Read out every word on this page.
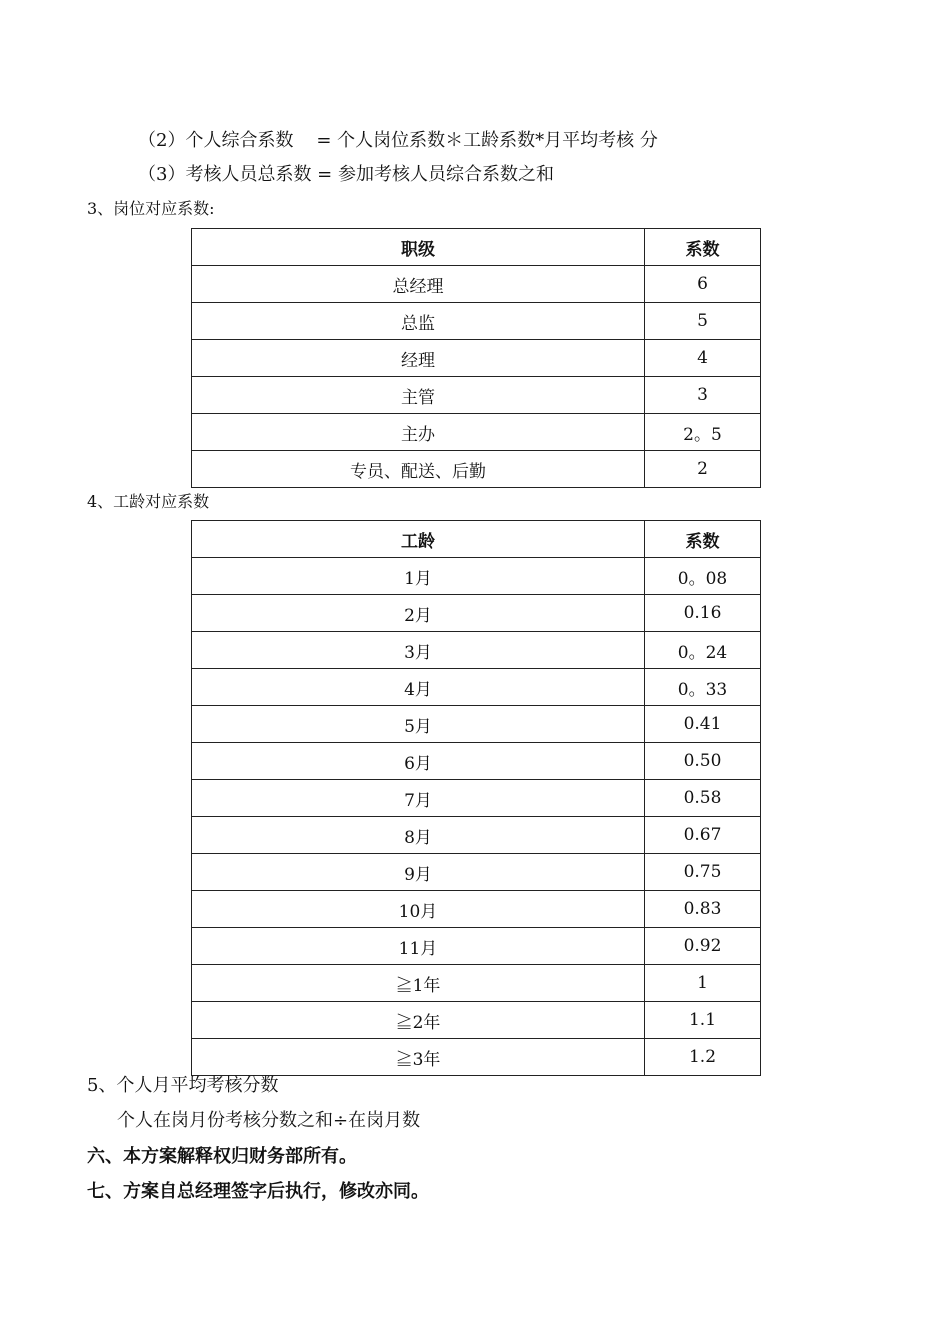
（2）个人综合系数    = 个人岗位系数＊工龄系数*月平均考核 分
（3）考核人员总系数 = 参加考核人员综合系数之和
3、岗位对应系数:
职级	系数
总经理	6
总监	5
经理	4
主管	3
主办	2。5
专员、配送、后勤	2
4、工龄对应系数
工龄	系数
1月	0。08
2月	0.16
3月	0。24
4月	0。33
5月	0.41
6月	0.50
7月	0.58
8月	0.67
9月	0.75
10月	0.83
11月	0.92
≧1年	1
≧2年	1.1
≧3年	1.2
5、个人月平均考核分数
个人在岗月份考核分数之和÷在岗月数
六、本方案解释权归财务部所有。
七、方案自总经理签字后执行，修改亦同。
